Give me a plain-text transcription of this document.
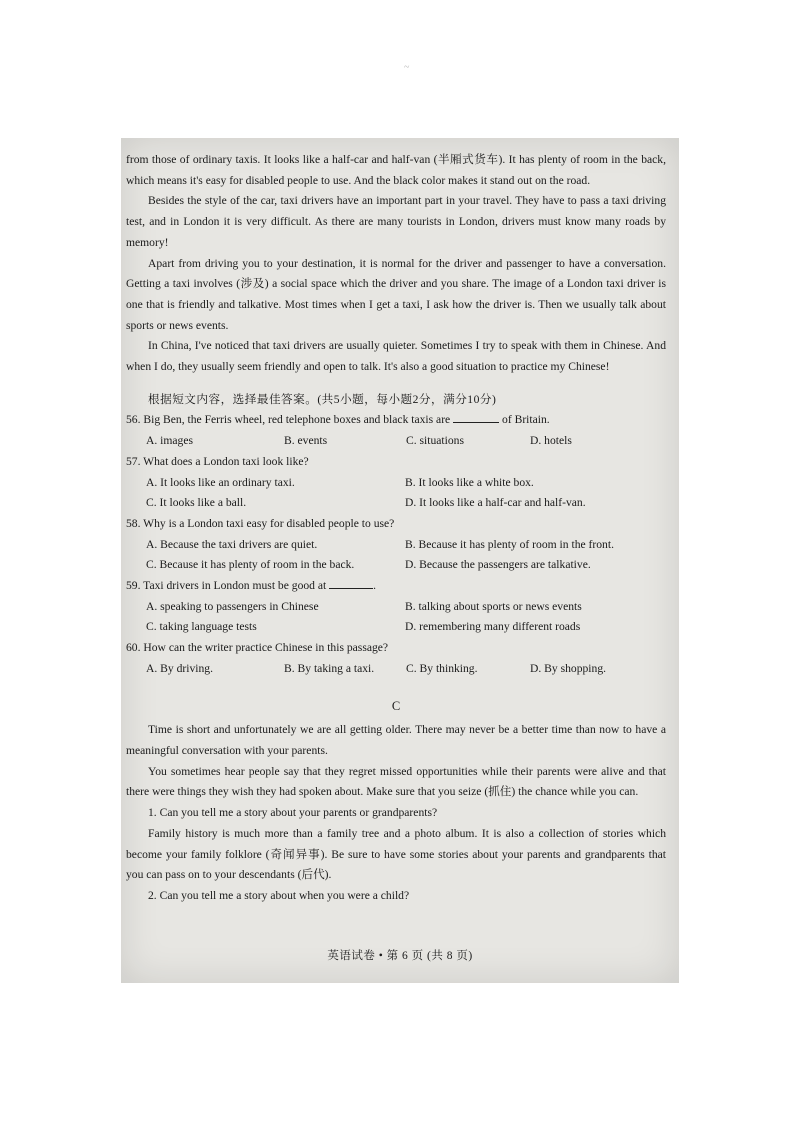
~

from those of ordinary taxis. It looks like a half-car and half-van (半厢式货车). It has plenty of room in the back, which means it's easy for disabled people to use. And the black color makes it stand out on the road.

Besides the style of the car, taxi drivers have an important part in your travel. They have to pass a taxi driving test, and in London it is very difficult. As there are many tourists in London, drivers must know many roads by memory!

Apart from driving you to your destination, it is normal for the driver and passenger to have a conversation. Getting a taxi involves (涉及) a social space which the driver and you share. The image of a London taxi driver is one that is friendly and talkative. Most times when I get a taxi, I ask how the driver is. Then we usually talk about sports or news events.

In China, I've noticed that taxi drivers are usually quieter. Sometimes I try to speak with them in Chinese. And when I do, they usually seem friendly and open to talk. It's also a good situation to practice my Chinese!

根据短文内容，选择最佳答案。(共5小题，每小题2分，满分10分)

56. Big Ben, the Ferris wheel, red telephone boxes and black taxis are	of Britain.

A. images	B. events	C. situations	D. hotels

57. What does a London taxi look like?

A. It looks like an ordinary taxi.	B. It looks like a white box.
C. It looks like a ball.	D. It looks like a half-car and half-van.

58. Why is a London taxi easy for disabled people to use?

A. Because the taxi drivers are quiet.	B. Because it has plenty of room in the front.
C. Because it has plenty of room in the back.	D. Because the passengers are talkative.

59. Taxi drivers in London must be good at	.

A. speaking to passengers in Chinese	B. talking about sports or news events
C. taking language tests	D. remembering many different roads

60. How can the writer practice Chinese in this passage?

A. By driving.	B. By taking a taxi.	C. By thinking.	D. By shopping.
C

Time is short and unfortunately we are all getting older. There may never be a better time than now to have a meaningful conversation with your parents.

You sometimes hear people say that they regret missed opportunities while their parents were alive and that there were things they wish they had spoken about. Make sure that you seize (抓住) the chance while you can.

1. Can you tell me a story about your parents or grandparents?

Family history is much more than a family tree and a photo album. It is also a collection of stories which become your family folklore (奇闻异事). Be sure to have some stories about your parents and grandparents that you can pass on to your descendants (后代).

2. Can you tell me a story about when you were a child?

英语试卷 • 第 6 页 (共 8 页)
